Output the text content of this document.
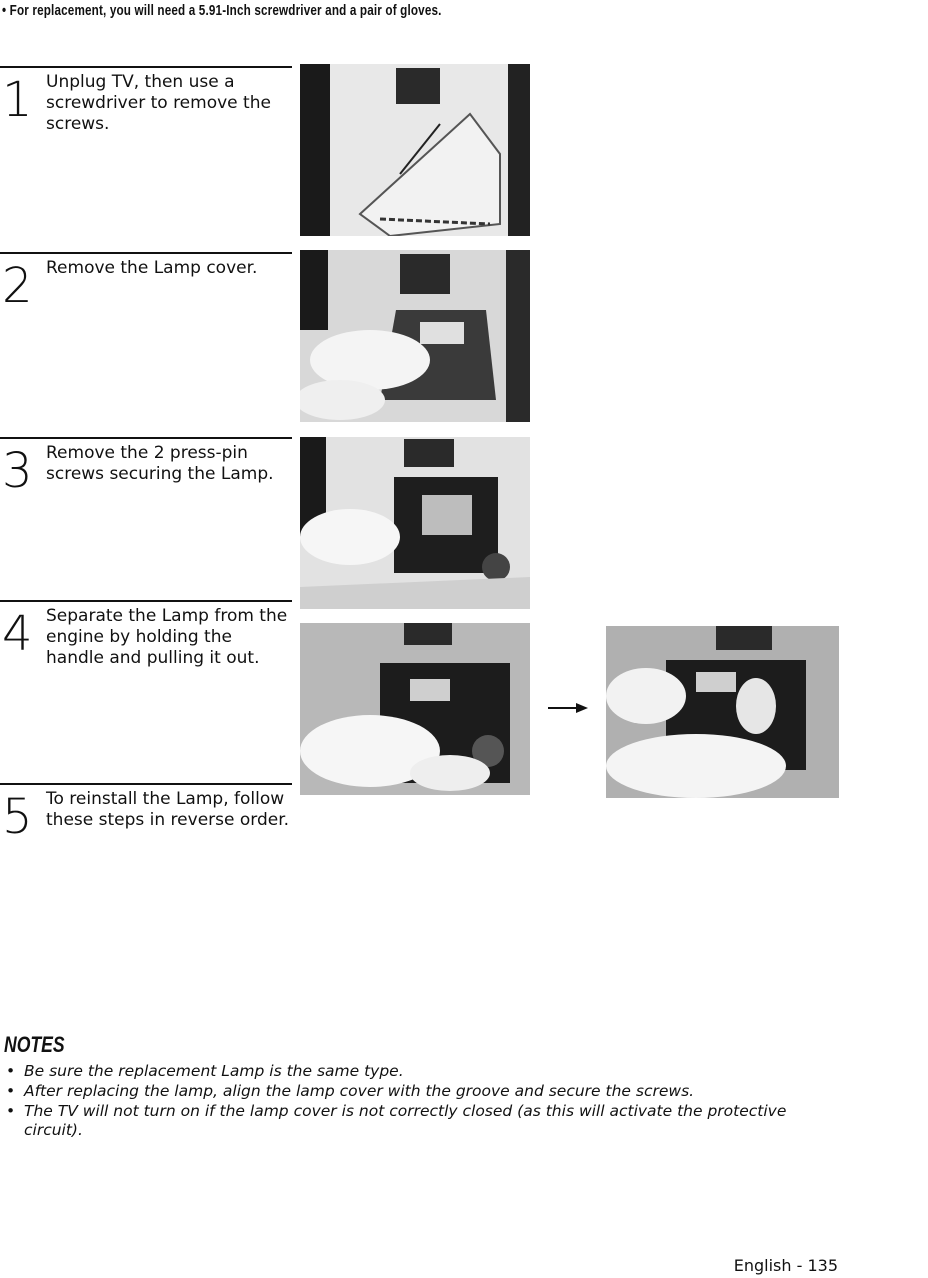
• For replacement, you will need a 5.91-Inch screwdriver and a pair of gloves.
1 Unplug TV, then use a screwdriver to remove the screws.
2 Remove the Lamp cover.
3 Remove the 2 press-pin screws securing the Lamp.
4 Separate the Lamp from the engine by holding the handle and pulling it out.
5 To reinstall the Lamp, follow these steps in reverse order.
NOTES
• Be sure the replacement Lamp is the same type.
• After replacing the lamp, align the lamp cover with the groove and secure the screws.
• The TV will not turn on if the lamp cover is not correctly closed (as this will activate the protective circuit).
English - 135
